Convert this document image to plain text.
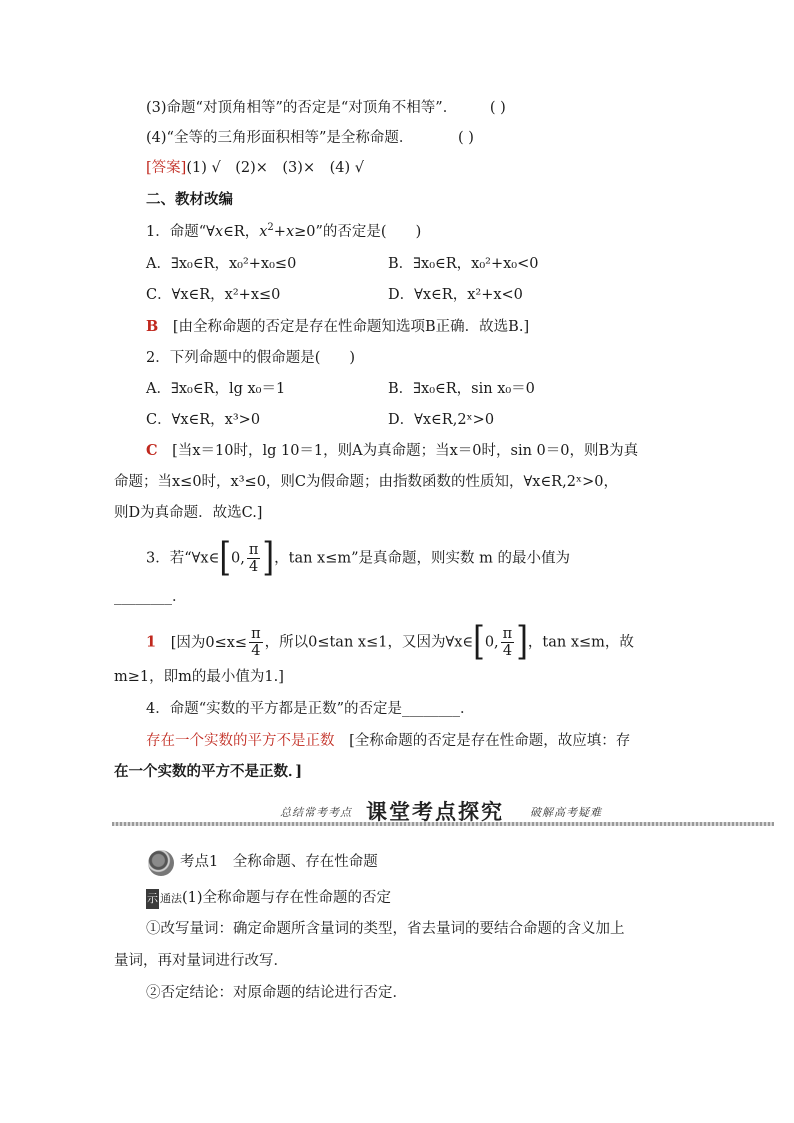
(3)命题“对顶角相等”的否定是“对顶角不相等”． ( )
(4)“全等的三角形面积相等”是全称命题．	( )
[答案](1) √　(2)×　(3)×　(4) √
二、教材改编
1．命题“∀x∈R，$x^2+x\ge 0$”的否定是(　　)
A．∃x₀∈R，x₀²+x₀≤0	B．∃x₀∈R，x₀²+x₀<0
C．∀x∈R，x²+x≤0	D．∀x∈R，x²+x<0
B [由全称命题的否定是存在性命题知选项B正确．故选B.]
2．下列命题中的假命题是(　　)
A．∃x₀∈R，lg x₀＝1	B．∃x₀∈R，sin x₀＝0
C．∀x∈R，x³>0	D．∀x∈R,2ˣ>0
C [当x＝10时，lg 10＝1，则A为真命题；当x＝0时，sin 0＝0，则B为真
命题；当x≤0时，x³≤0，则C为假命题；由指数函数的性质知，∀x∈R,2ˣ>0，
则D为真命题．故选C.]
3．若“∀x∈[0, $\frac{\pi}{4}$ ]，tan x≤m”是真命题，则实数 m 的最小值为
________．
1 [因为$0\le x\le \frac{\pi}{4}$ ，所以0≤tan x≤1，又因为∀x∈[0, $\frac{\pi}{4}$ ]，tan x≤m，故
m≥1，即m的最小值为1.]
4．命题“实数的平方都是正数”的否定是________．
存在一个实数的平方不是正数 [全称命题的否定是存在性命题，故应填：存
在一个实数的平方不是正数．]
总结常考考点 课堂考点探究 破解高考疑难
考点1　全称命题、存在性命题
示 通法(1)全称命题与存在性命题的否定
①改写量词：确定命题所含量词的类型，省去量词的要结合命题的含义加上
量词，再对量词进行改写．
②否定结论：对原命题的结论进行否定．
